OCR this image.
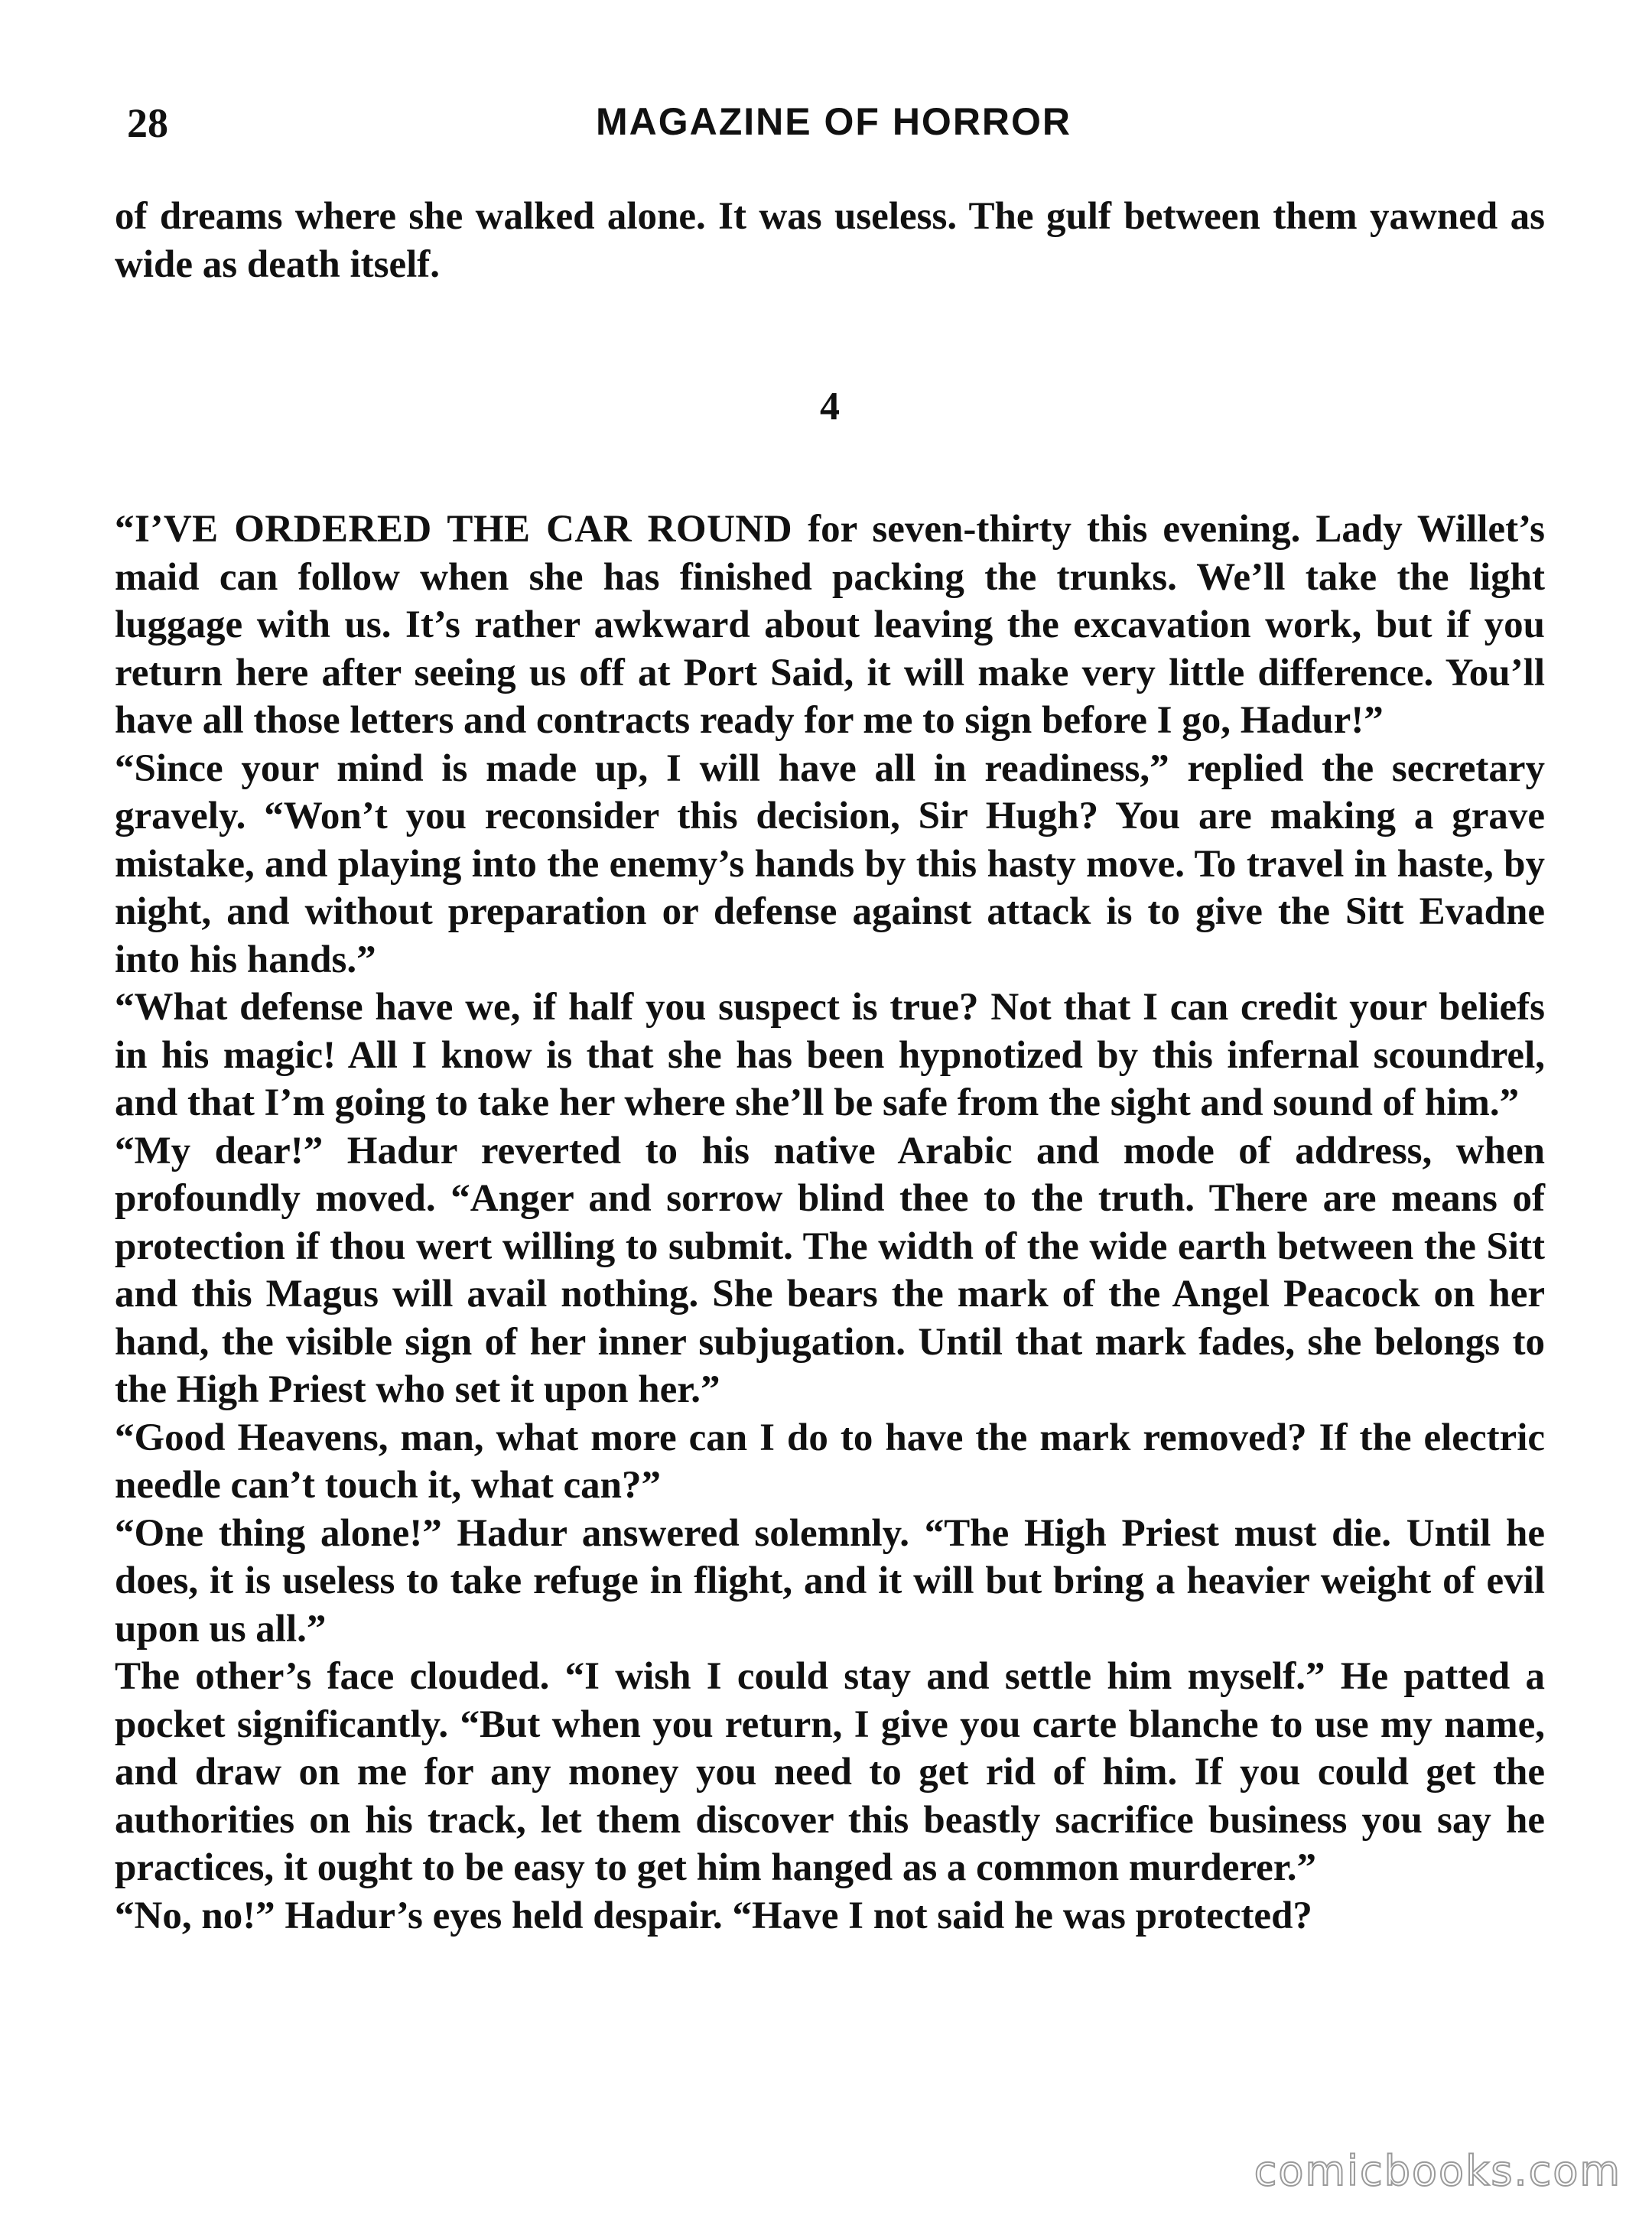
28	MAGAZINE OF HORROR

of dreams where she walked alone. It was useless. The gulf between them yawned as wide as death itself.

4

“I’VE ORDERED THE CAR ROUND for seven-thirty this evening. Lady Willet’s maid can follow when she has finished packing the trunks. We’ll take the light luggage with us. It’s rather awkward about leaving the excavation work, but if you return here after seeing us off at Port Said, it will make very little difference. You’ll have all those letters and contracts ready for me to sign before I go, Hadur!”

“Since your mind is made up, I will have all in readiness,” replied the secretary gravely. “Won’t you reconsider this decision, Sir Hugh? You are making a grave mistake, and playing into the enemy’s hands by this hasty move. To travel in haste, by night, and without preparation or defense against attack is to give the Sitt Evadne into his hands.”

“What defense have we, if half you suspect is true? Not that I can credit your beliefs in his magic! All I know is that she has been hypnotized by this infernal scoundrel, and that I’m going to take her where she’ll be safe from the sight and sound of him.”

“My dear!” Hadur reverted to his native Arabic and mode of address, when profoundly moved. “Anger and sorrow blind thee to the truth. There are means of protection if thou wert willing to submit. The width of the wide earth between the Sitt and this Magus will avail nothing. She bears the mark of the Angel Peacock on her hand, the visible sign of her inner subjugation. Until that mark fades, she belongs to the High Priest who set it upon her.”

“Good Heavens, man, what more can I do to have the mark removed? If the electric needle can’t touch it, what can?”

“One thing alone!” Hadur answered solemnly. “The High Priest must die. Until he does, it is useless to take refuge in flight, and it will but bring a heavier weight of evil upon us all.”

The other’s face clouded. “I wish I could stay and settle him myself.” He patted a pocket significantly. “But when you return, I give you carte blanche to use my name, and draw on me for any money you need to get rid of him. If you could get the authorities on his track, let them discover this beastly sacrifice business you say he practices, it ought to be easy to get him hanged as a common murderer.”

“No, no!” Hadur’s eyes held despair. “Have I not said he was protected?

comicbooks.com
